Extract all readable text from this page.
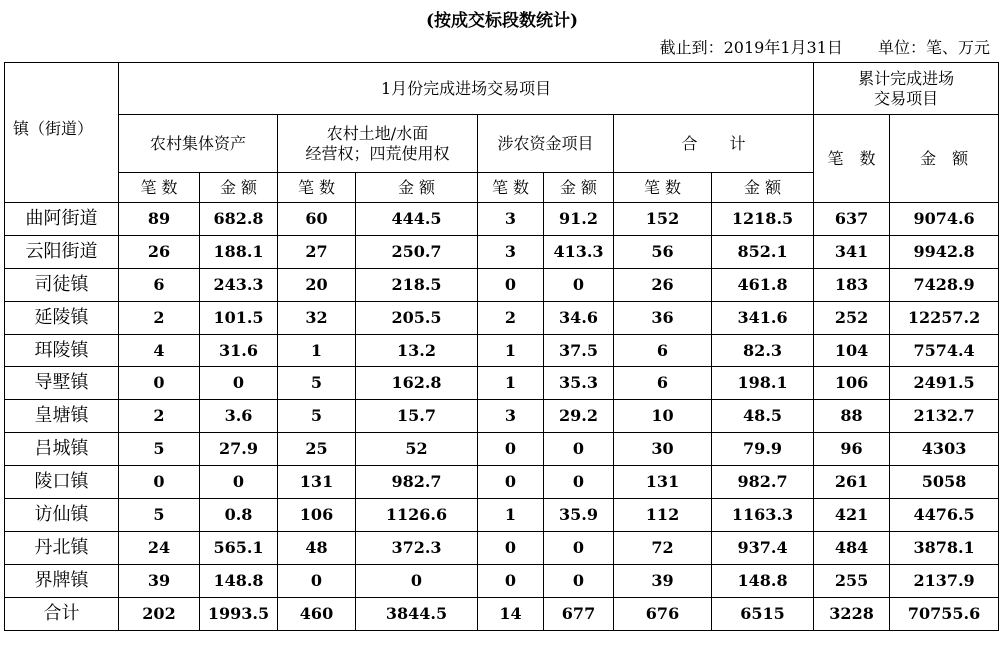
(按成交标段数统计)
截止到：2019年1月31日 单位：笔、万元
镇（街道）	1月份完成进场交易项目								累计完成进场
交易项目	

	农村集体资产		农村土地/水面
经营权；四荒使用权		涉农资金项目		合　　计		笔　数	金　额
	笔 数	金 额	笔 数	金 额	笔 数	金 额	笔 数	金 额		
曲阿街道	89	682.8	60	444.5	3	91.2	152	1218.5	637	9074.6
云阳街道	26	188.1	27	250.7	3	413.3	56	852.1	341	9942.8
司徒镇	6	243.3	20	218.5	0	0	26	461.8	183	7428.9
延陵镇	2	101.5	32	205.5	2	34.6	36	341.6	252	12257.2
珥陵镇	4	31.6	1	13.2	1	37.5	6	82.3	104	7574.4
导墅镇	0	0	5	162.8	1	35.3	6	198.1	106	2491.5
皇塘镇	2	3.6	5	15.7	3	29.2	10	48.5	88	2132.7
吕城镇	5	27.9	25	52	0	0	30	79.9	96	4303
陵口镇	0	0	131	982.7	0	0	131	982.7	261	5058
访仙镇	5	0.8	106	1126.6	1	35.9	112	1163.3	421	4476.5
丹北镇	24	565.1	48	372.3	0	0	72	937.4	484	3878.1
界牌镇	39	148.8	0	0	0	0	39	148.8	255	2137.9
合计	202	1993.5	460	3844.5	14	677	676	6515	3228	70755.6
